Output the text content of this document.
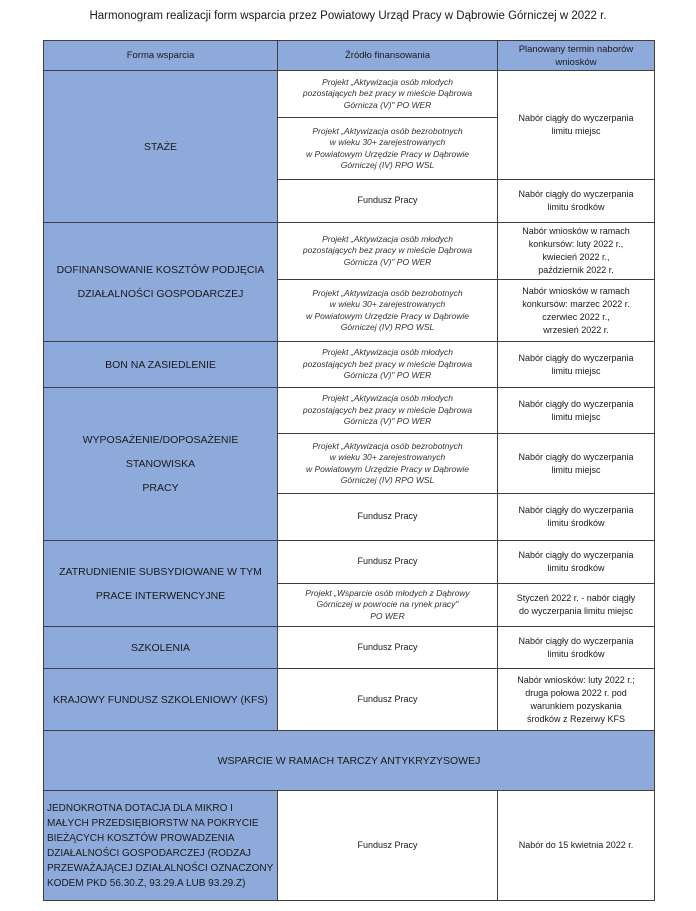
Harmonogram realizacji form wsparcia przez Powiatowy Urząd Pracy w Dąbrowie Górniczej w 2022 r.
Forma wsparcia	Źródło finansowania	Planowany termin naborów wniosków
STAŻE	Projekt „Aktywizacja osób młodych
pozostających bez pracy w mieście Dąbrowa
Górnicza (V)" PO WER	Nabór ciągły do wyczerpania
limitu miejsc

	Projekt „Aktywizacja osób bezrobotnych
w wieku 30+ zarejestrowanych
w Powiatowym Urzędzie Pracy w Dąbrowie
Górniczej (IV) RPO WSL	

	Fundusz Pracy	Nabór ciągły do wyczerpania
limitu środków

DOFINANSOWANIE KOSZTÓW PODJĘCIA
DZIAŁALNOŚCI GOSPODARCZEJ	Projekt „Aktywizacja osób młodych
pozostających bez pracy w mieście Dąbrowa
Górnicza (V)" PO WER	Nabór wniosków w ramach
konkursów: luty 2022 r.,
kwiecień 2022 r.,
październik 2022 r.

	Projekt „Aktywizacja osób bezrobotnych
w wieku 30+ zarejestrowanych
w Powiatowym Urzędzie Pracy w Dąbrowie
Górniczej (IV) RPO WSL	Nabór wniosków w ramach
konkursów: marzec 2022 r.
czerwiec 2022 r.,
wrzesień 2022 r.

BON NA ZASIEDLENIE	Projekt „Aktywizacja osób młodych
pozostających bez pracy w mieście Dąbrowa
Górnicza (V)" PO WER	Nabór ciągły do wyczerpania
limitu miejsc

WYPOSAŻENIE/DOPOSAŻENIE STANOWISKA
PRACY	Projekt „Aktywizacja osób młodych
pozostających bez pracy w mieście Dąbrowa
Górnicza (V)" PO WER	Nabór ciągły do wyczerpania
limitu miejsc

	Projekt „Aktywizacja osób bezrobotnych
w wieku 30+ zarejestrowanych
w Powiatowym Urzędzie Pracy w Dąbrowie
Górniczej (IV) RPO WSL	Nabór ciągły do wyczerpania
limitu miejsc

	Fundusz Pracy	Nabór ciągły do wyczerpania
limitu środków

ZATRUDNIENIE SUBSYDIOWANE W TYM
PRACE INTERWENCYJNE	Fundusz Pracy	Nabór ciągły do wyczerpania
limitu środków

	Projekt „Wsparcie osób młodych z Dąbrowy
Górniczej w powrocie na rynek pracy"
PO WER	Styczeń 2022 r. - nabór ciągły
do wyczerpania limitu miejsc

SZKOLENIA	Fundusz Pracy	Nabór ciągły do wyczerpania
limitu środków

KRAJOWY FUNDUSZ SZKOLENIOWY (KFS)	Fundusz Pracy	Nabór wniosków: luty 2022 r.;
druga połowa 2022 r. pod
warunkiem pozyskania
środków z Rezerwy KFS

WSPARCIE W RAMACH TARCZY ANTYKRYZYSOWEJ		
JEDNOKROTNA DOTACJA DLA MIKRO I MAŁYCH PRZEDSIĘBIORSTW NA POKRYCIE BIEŻĄCYCH KOSZTÓW PROWADZENIA DZIAŁALNOŚCI GOSPODARCZEJ (RODZAJ PRZEWAŻAJĄCEJ DZIAŁALNOŚCI OZNACZONY KODEM PKD 56.30.Z, 93.29.A LUB 93.29.Z)	Fundusz Pracy	Nabór do 15 kwietnia 2022 r.
